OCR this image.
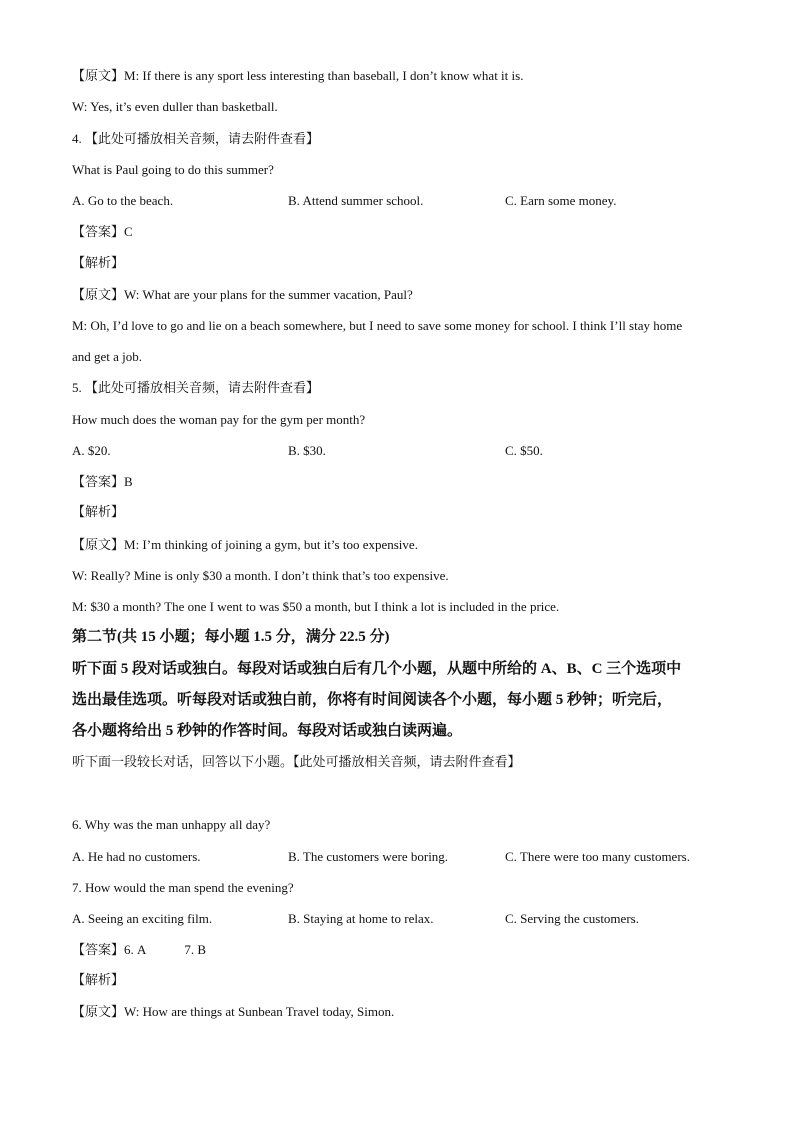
【原文】M: If there is any sport less interesting than baseball, I don’t know what it is.
W: Yes, it’s even duller than basketball.
4. 【此处可播放相关音频，请去附件查看】
What is Paul going to do this summer?
A. Go to the beach.	B. Attend summer school.	C. Earn some money.
【答案】C
【解析】
【原文】W: What are your plans for the summer vacation, Paul?
M: Oh, I’d love to go and lie on a beach somewhere, but I need to save some money for school. I think I’ll stay home
and get a job.
5. 【此处可播放相关音频，请去附件查看】
How much does the woman pay for the gym per month?
A. $20.	B. $30.	C. $50.
【答案】B
【解析】
【原文】M: I’m thinking of joining a gym, but it’s too expensive.
W: Really? Mine is only $30 a month. I don’t think that’s too expensive.
M: $30 a month? The one I went to was $50 a month, but I think a lot is included in the price.
第二节(共 15 小题；每小题 1.5 分，满分 22.5 分)
听下面 5 段对话或独白。每段对话或独白后有几个小题，从题中所给的 A、B、C 三个选项中
选出最佳选项。听每段对话或独白前，你将有时间阅读各个小题，每小题 5 秒钟；听完后，
各小题将给出 5 秒钟的作答时间。每段对话或独白读两遍。
听下面一段较长对话，回答以下小题。【此处可播放相关音频，请去附件查看】
6. Why was the man unhappy all day?
A. He had no customers.	B. The customers were boring.	C. There were too many customers.
7. How would the man spend the evening?
A. Seeing an exciting film.	B. Staying at home to relax.	C. Serving the customers.
【答案】6. A	7. B
【解析】
【原文】W: How are things at Sunbean Travel today, Simon.
